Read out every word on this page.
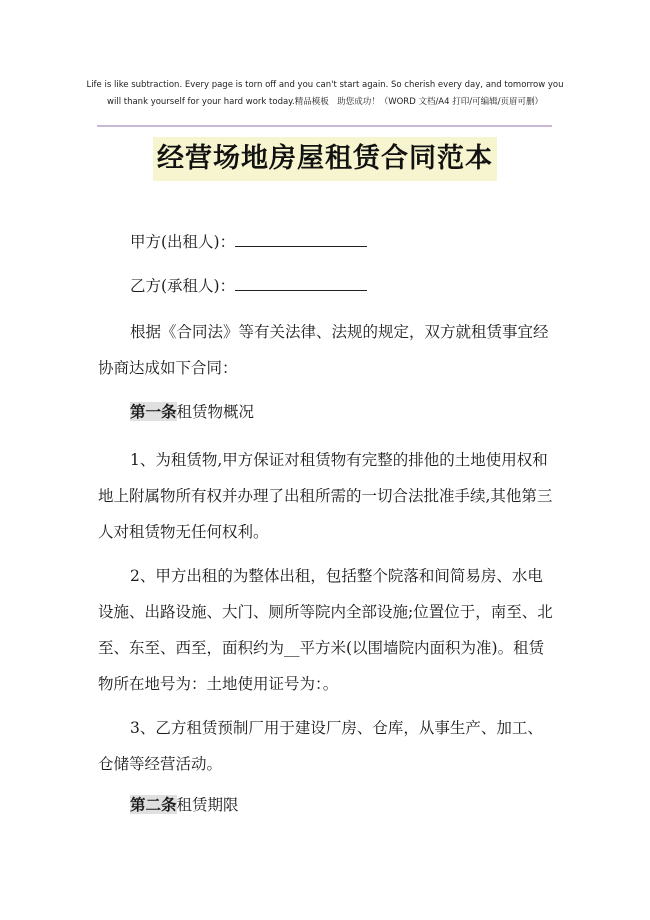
Life is like subtraction. Every page is torn off and you can't start again. So cherish every day, and tomorrow you
will thank yourself for your hard work today.精品模板　助您成功！（WORD 文档/A4 打印/可编辑/页眉可删）
经营场地房屋租赁合同范本
甲方(出租人)：
乙方(承租人)：
根据《合同法》等有关法律、法规的规定，双方就租赁事宜经协商达成如下合同：
第一条租赁物概况
1、为租赁物,甲方保证对租赁物有完整的排他的土地使用权和地上附属物所有权并办理了出租所需的一切合法批准手续,其他第三人对租赁物无任何权利。
2、甲方出租的为整体出租，包括整个院落和间简易房、水电设施、出路设施、大门、厕所等院内全部设施;位置位于，南至、北至、东至、西至，面积约为__平方米(以围墙院内面积为准)。租赁物所在地号为：土地使用证号为：。
3、乙方租赁预制厂用于建设厂房、仓库，从事生产、加工、仓储等经营活动。
第二条租赁期限
